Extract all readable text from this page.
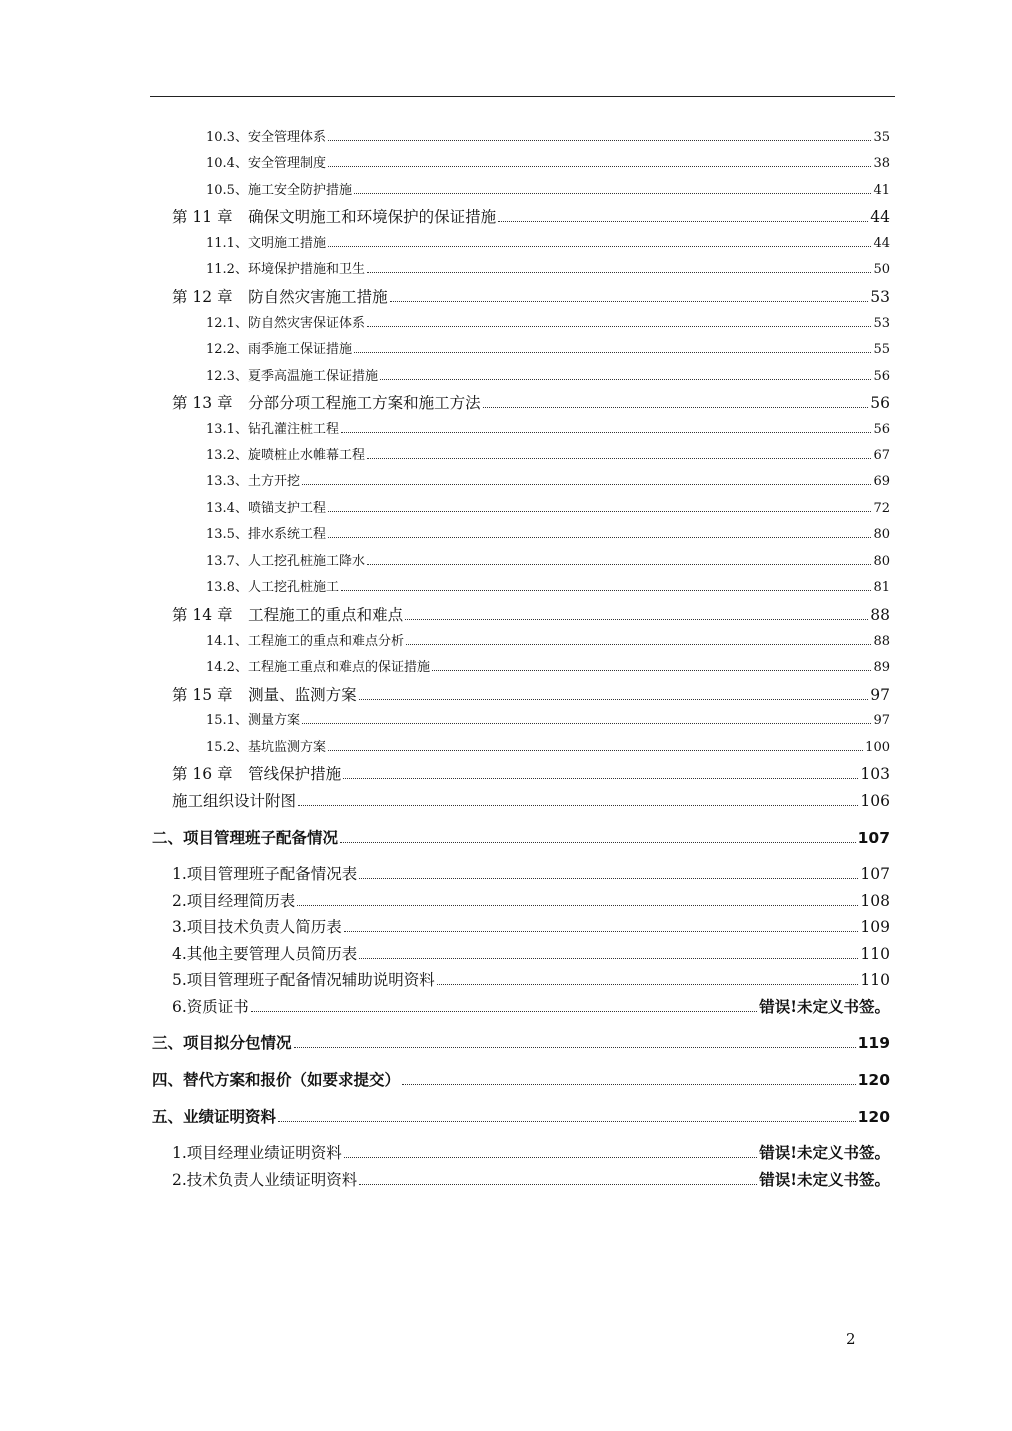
10.3、安全管理体系	35
10.4、安全管理制度	38
10.5、施工安全防护措施	41
第 11 章　确保文明施工和环境保护的保证措施	44
11.1、文明施工措施	44
11.2、环境保护措施和卫生	50
第 12 章　防自然灾害施工措施	53
12.1、防自然灾害保证体系	53
12.2、雨季施工保证措施	55
12.3、夏季高温施工保证措施	56
第 13 章　分部分项工程施工方案和施工方法	56
13.1、钻孔灌注桩工程	56
13.2、旋喷桩止水帷幕工程	67
13.3、土方开挖	69
13.4、喷锚支护工程	72
13.5、排水系统工程	80
13.7、人工挖孔桩施工降水	80
13.8、人工挖孔桩施工	81
第 14 章　工程施工的重点和难点	88
14.1、工程施工的重点和难点分析	88
14.2、工程施工重点和难点的保证措施	89
第 15 章　测量、监测方案	97
15.1、测量方案	97
15.2、基坑监测方案	100
第 16 章　管线保护措施	103
施工组织设计附图	106
二、项目管理班子配备情况	107
1.项目管理班子配备情况表	107
2.项目经理简历表	108
3.项目技术负责人简历表	109
4.其他主要管理人员简历表	110
5.项目管理班子配备情况辅助说明资料	110
6.资质证书	错误!未定义书签。
三、项目拟分包情况	119
四、替代方案和报价（如要求提交）	120
五、业绩证明资料	120
1.项目经理业绩证明资料	错误!未定义书签。
2.技术负责人业绩证明资料	错误!未定义书签。
2
